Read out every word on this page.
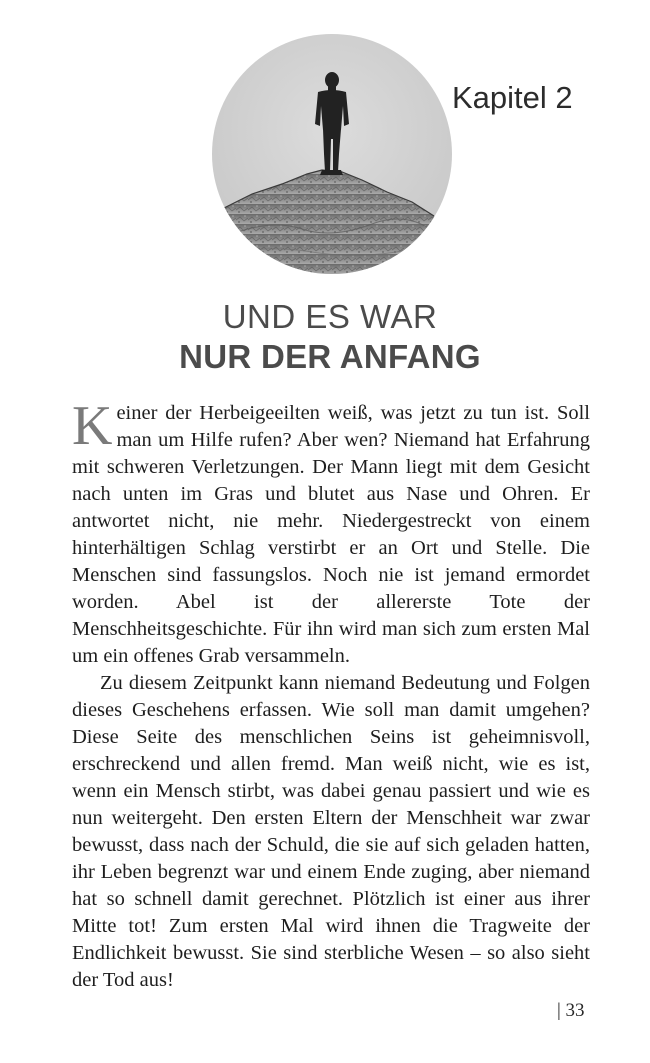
Kapitel 2
UND ES WAR
NUR DER ANFANG

Keiner der Herbeigeeilten weiß, was jetzt zu tun ist. Soll man um Hilfe rufen? Aber wen? Niemand hat Erfahrung mit schweren Verletzungen. Der Mann liegt mit dem Gesicht nach unten im Gras und blutet aus Nase und Ohren. Er antwortet nicht, nie mehr. Niedergestreckt von einem hinterhältigen Schlag verstirbt er an Ort und Stelle. Die Menschen sind fassungslos. Noch nie ist jemand ermordet worden. Abel ist der allererste Tote der Menschheitsgeschichte. Für ihn wird man sich zum ersten Mal um ein offenes Grab versammeln.

Zu diesem Zeitpunkt kann niemand Bedeutung und Folgen dieses Geschehens erfassen. Wie soll man damit umgehen? Diese Seite des menschlichen Seins ist geheimnisvoll, erschreckend und allen fremd. Man weiß nicht, wie es ist, wenn ein Mensch stirbt, was dabei genau passiert und wie es nun weitergeht. Den ersten Eltern der Menschheit war zwar bewusst, dass nach der Schuld, die sie auf sich geladen hatten, ihr Leben begrenzt war und einem Ende zuging, aber niemand hat so schnell damit gerechnet. Plötzlich ist einer aus ihrer Mitte tot! Zum ersten Mal wird ihnen die Tragweite der Endlichkeit bewusst. Sie sind sterbliche Wesen – so also sieht der Tod aus!

| 33
